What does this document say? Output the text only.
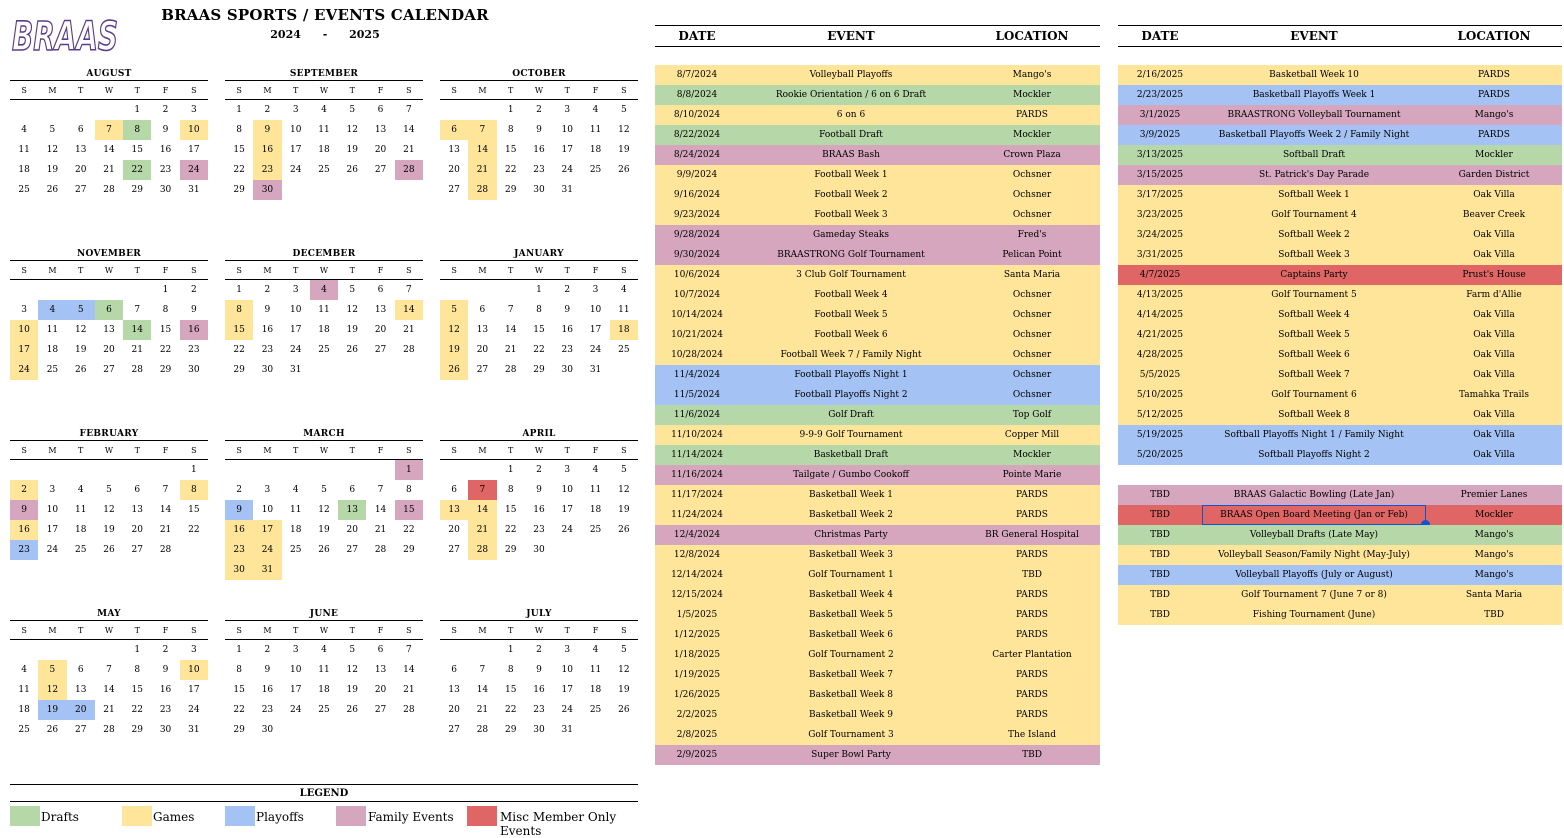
BRAAS	BRAAS SPORTS / EVENTS CALENDAR
2024 - 2025
AUGUST
S	M	T	W	T	F	S
				1	2	3
4	5	6	7	8	9	10
11	12	13	14	15	16	17
18	19	20	21	22	23	24
25	26	27	28	29	30	31
SEPTEMBER
S	M	T	W	T	F	S
1	2	3	4	5	6	7
8	9	10	11	12	13	14
15	16	17	18	19	20	21
22	23	24	25	26	27	28
29	30					
OCTOBER
S	M	T	W	T	F	S
		1	2	3	4	5
6	7	8	9	10	11	12
13	14	15	16	17	18	19
20	21	22	23	24	25	26
27	28	29	30	31		
NOVEMBER
S	M	T	W	T	F	S
					1	2
3	4	5	6	7	8	9
10	11	12	13	14	15	16
17	18	19	20	21	22	23
24	25	26	27	28	29	30
DECEMBER
S	M	T	W	T	F	S
1	2	3	4	5	6	7
8	9	10	11	12	13	14
15	16	17	18	19	20	21
22	23	24	25	26	27	28
29	30	31				
JANUARY
S	M	T	W	T	F	S
			1	2	3	4
5	6	7	8	9	10	11
12	13	14	15	16	17	18
19	20	21	22	23	24	25
26	27	28	29	30	31	
FEBRUARY
S	M	T	W	T	F	S
						1
2	3	4	5	6	7	8
9	10	11	12	13	14	15
16	17	18	19	20	21	22
23	24	25	26	27	28	
MARCH
S	M	T	W	T	F	S
						1
2	3	4	5	6	7	8
9	10	11	12	13	14	15
16	17	18	19	20	21	22
23	24	25	26	27	28	29
30	31					
APRIL
S	M	T	W	T	F	S
		1	2	3	4	5
6	7	8	9	10	11	12
13	14	15	16	17	18	19
20	21	22	23	24	25	26
27	28	29	30			
MAY
S	M	T	W	T	F	S
				1	2	3
4	5	6	7	8	9	10
11	12	13	14	15	16	17
18	19	20	21	22	23	24
25	26	27	28	29	30	31
JUNE
S	M	T	W	T	F	S
1	2	3	4	5	6	7
8	9	10	11	12	13	14
15	16	17	18	19	20	21
22	23	24	25	26	27	28
29	30					
JULY
S	M	T	W	T	F	S
		1	2	3	4	5
6	7	8	9	10	11	12
13	14	15	16	17	18	19
20	21	22	23	24	25	26
27	28	29	30	31		
LEGEND
Drafts	Games	Playoffs	Family Events	Misc Member Only Events
DATE	EVENT	LOCATION
8/7/2024	Volleyball Playoffs	Mango's
8/8/2024	Rookie Orientation / 6 on 6 Draft	Mockler
8/10/2024	6 on 6	PARDS
8/22/2024	Football Draft	Mockler
8/24/2024	BRAAS Bash	Crown Plaza
9/9/2024	Football Week 1	Ochsner
9/16/2024	Football Week 2	Ochsner
9/23/2024	Football Week 3	Ochsner
9/28/2024	Gameday Steaks	Fred's
9/30/2024	BRAASTRONG Golf Tournament	Pelican Point
10/6/2024	3 Club Golf Tournament	Santa Maria
10/7/2024	Football Week 4	Ochsner
10/14/2024	Football Week 5	Ochsner
10/21/2024	Football Week 6	Ochsner
10/28/2024	Football Week 7 / Family Night	Ochsner
11/4/2024	Football Playoffs Night 1	Ochsner
11/5/2024	Football Playoffs Night 2	Ochsner
11/6/2024	Golf Draft	Top Golf
11/10/2024	9-9-9 Golf Tournament	Copper Mill
11/14/2024	Basketball Draft	Mockler
11/16/2024	Tailgate / Gumbo Cookoff	Pointe Marie
11/17/2024	Basketball Week 1	PARDS
11/24/2024	Basketball Week 2	PARDS
12/4/2024	Christmas Party	BR General Hospital
12/8/2024	Basketball Week 3	PARDS
12/14/2024	Golf Tournament 1	TBD
12/15/2024	Basketball Week 4	PARDS
1/5/2025	Basketball Week 5	PARDS
1/12/2025	Basketball Week 6	PARDS
1/18/2025	Golf Tournament 2	Carter Plantation
1/19/2025	Basketball Week 7	PARDS
1/26/2025	Basketball Week 8	PARDS
2/2/2025	Basketball Week 9	PARDS
2/8/2025	Golf Tournament 3	The Island
2/9/2025	Super Bowl Party	TBD
DATE	EVENT	LOCATION
2/16/2025	Basketball Week 10	PARDS
2/23/2025	Basketball Playoffs Week 1	PARDS
3/1/2025	BRAASTRONG Volleyball Tournament	Mango's
3/9/2025	Basketball Playoffs Week 2 / Family Night	PARDS
3/13/2025	Softball Draft	Mockler
3/15/2025	St. Patrick's Day Parade	Garden District
3/17/2025	Softball Week 1	Oak Villa
3/23/2025	Golf Tournament 4	Beaver Creek
3/24/2025	Softball Week 2	Oak Villa
3/31/2025	Softball Week 3	Oak Villa
4/7/2025	Captains Party	Prust's House
4/13/2025	Golf Tournament 5	Farm d'Allie
4/14/2025	Softball Week 4	Oak Villa
4/21/2025	Softball Week 5	Oak Villa
4/28/2025	Softball Week 6	Oak Villa
5/5/2025	Softball Week 7	Oak Villa
5/10/2025	Golf Tournament 6	Tamahka Trails
5/12/2025	Softball Week 8	Oak Villa
5/19/2025	Softball Playoffs Night 1 / Family Night	Oak Villa
5/20/2025	Softball Playoffs Night 2	Oak Villa
TBD	BRAAS Galactic Bowling (Late Jan)	Premier Lanes
TBD	BRAAS Open Board Meeting (Jan or Feb)	Mockler
TBD	Volleyball Drafts (Late May)	Mango's
TBD	Volleyball Season/Family Night (May-July)	Mango's
TBD	Volleyball Playoffs (July or August)	Mango's
TBD	Golf Tournament 7 (June 7 or 8)	Santa Maria
TBD	Fishing Tournament (June)	TBD
